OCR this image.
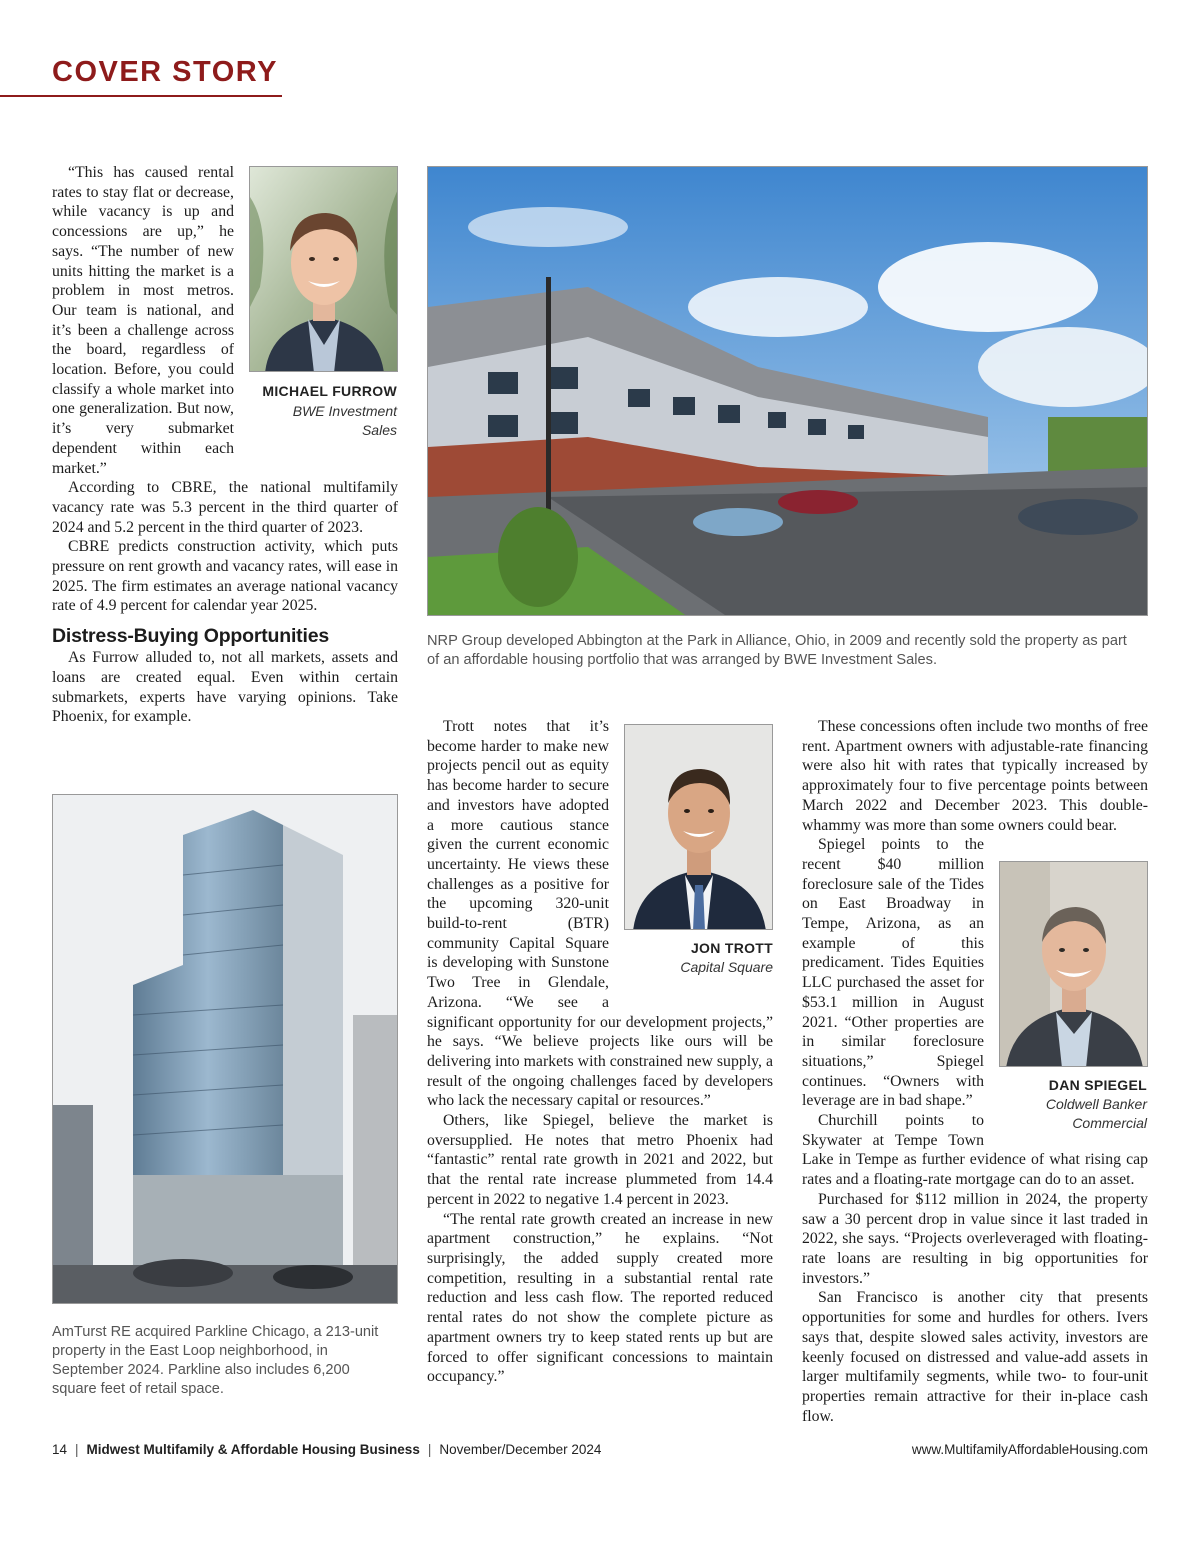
COVER STORY
MICHAEL FURROW
BWE Investment Sales
NRP Group developed Abbington at the Park in Alliance, Ohio, in 2009 and recently sold the property as part of an affordable housing portfolio that was arranged by BWE Investment Sales.

“This has caused rental rates to stay flat or decrease, while vacancy is up and concessions are up,” he says. “The number of new units hitting the market is a problem in most metros. Our team is national, and it’s been a challenge across the board, regardless of location. Before, you could classify a whole market into one generalization. But now, it’s very submarket dependent within each market.”

According to CBRE, the national multifamily vacancy rate was 5.3 percent in the third quarter of 2024 and 5.2 percent in the third quarter of 2023.

CBRE predicts construction activity, which puts pressure on rent growth and vacancy rates, will ease in 2025. The firm estimates an average national vacancy rate of 4.9 percent for calendar year 2025.

Distress-Buying Opportunities

As Furrow alluded to, not all markets, assets and loans are created equal. Even within certain submarkets, experts have varying opinions. Take Phoenix, for example.

AmTurst RE acquired Parkline Chicago, a 213-unit property in the East Loop neighborhood, in September 2024. Parkline also includes 6,200 square feet of retail space.
JON TROTT
Capital Square

Trott notes that it’s become harder to make new projects pencil out as equity has become harder to secure and investors have adopted a more cautious stance given the current economic uncertainty. He views these challenges as a positive for the upcoming 320-unit build-to-rent (BTR) community Capital Square is developing with Sunstone Two Tree in Glendale, Arizona. “We see a significant opportunity for our development projects,” he says. “We believe projects like ours will be delivering into markets with constrained new supply, a result of the ongoing challenges faced by developers who lack the necessary capital or resources.”

Others, like Spiegel, believe the market is oversupplied. He notes that metro Phoenix had “fantastic” rental rate growth in 2021 and 2022, but that the rental rate increase plummeted from 14.4 percent in 2022 to negative 1.4 percent in 2023.

“The rental rate growth created an increase in new apartment construction,” he explains. “Not surprisingly, the added supply created more competition, resulting in a substantial rental rate reduction and less cash flow. The reported reduced rental rates do not show the complete picture as apartment owners try to keep stated rents up but are forced to offer significant concessions to maintain occupancy.”

DAN SPIEGEL
Coldwell Banker Commercial

These concessions often include two months of free rent. Apartment owners with adjustable-rate financing were also hit with rates that typically increased by approximately four to five percentage points between March 2022 and December 2023. This double-whammy was more than some owners could bear.

Spiegel points to the recent $40 million foreclosure sale of the Tides on East Broadway in Tempe, Arizona, as an example of this predicament. Tides Equities LLC purchased the asset for $53.1 million in August 2021. “Other properties are in similar foreclosure situations,” Spiegel continues. “Owners with leverage are in bad shape.”

Churchill points to Skywater at Tempe Town Lake in Tempe as further evidence of what rising cap rates and a floating-rate mortgage can do to an asset.

Purchased for $112 million in 2024, the property saw a 30 percent drop in value since it last traded in 2022, she says. “Projects overleveraged with floating-rate loans are resulting in big opportunities for investors.”

San Francisco is another city that presents opportunities for some and hurdles for others. Ivers says that, despite slowed sales activity, investors are keenly focused on distressed and value-add assets in larger multifamily segments, while two- to four-unit properties remain attractive for their in-place cash flow.

14 | Midwest Multifamily & Affordable Housing Business | November/December 2024	www.MultifamilyAffordableHousing.com
